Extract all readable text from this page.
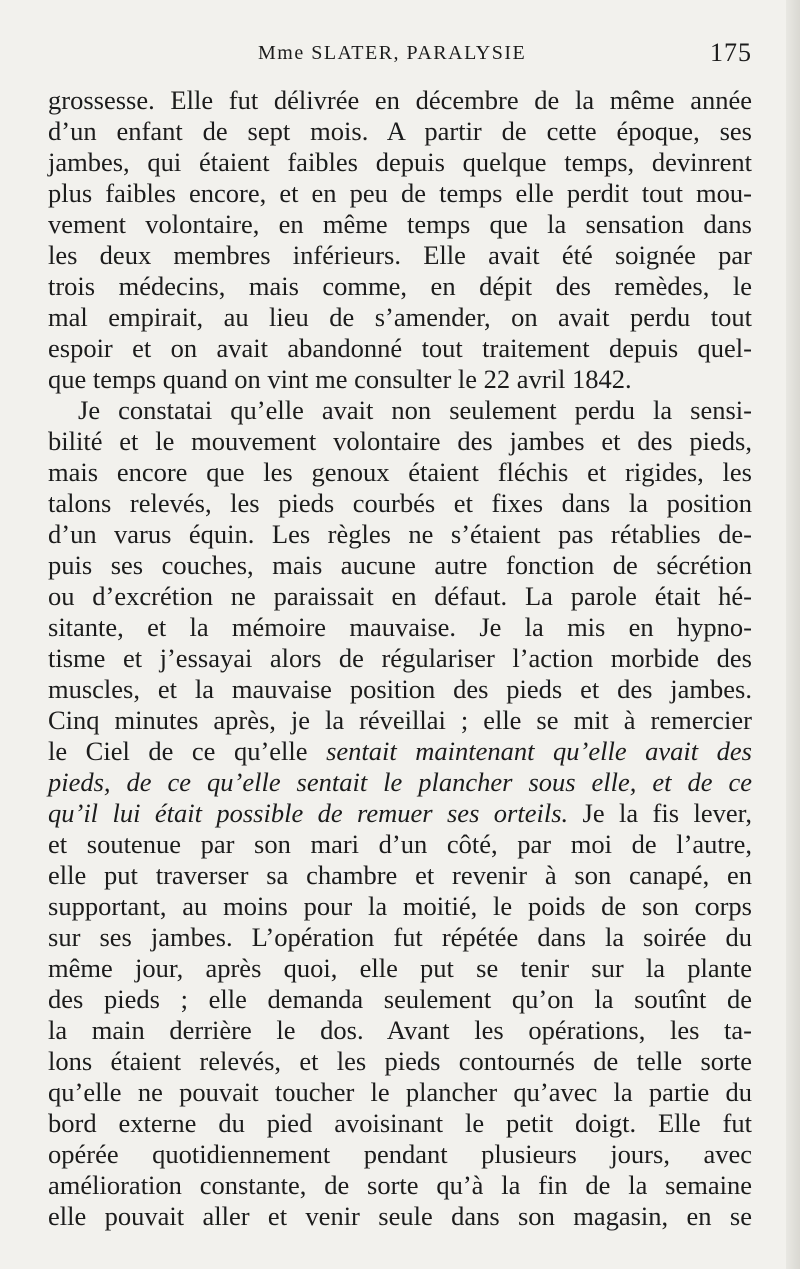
Mme SLATER, PARALYSIE	175
grossesse. Elle fut délivrée en décembre de la même année
d’un enfant de sept mois. A partir de cette époque, ses
jambes, qui étaient faibles depuis quelque temps, devinrent
plus faibles encore, et en peu de temps elle perdit tout mou-
vement volontaire, en même temps que la sensation dans
les deux membres inférieurs. Elle avait été soignée par
trois médecins, mais comme, en dépit des remèdes, le
mal empirait, au lieu de s’amender, on avait perdu tout
espoir et on avait abandonné tout traitement depuis quel-
que temps quand on vint me consulter le 22 avril 1842.
Je constatai qu’elle avait non seulement perdu la sensi-
bilité et le mouvement volontaire des jambes et des pieds,
mais encore que les genoux étaient fléchis et rigides, les
talons relevés, les pieds courbés et fixes dans la position
d’un varus équin. Les règles ne s’étaient pas rétablies de-
puis ses couches, mais aucune autre fonction de sécrétion
ou d’excrétion ne paraissait en défaut. La parole était hé-
sitante, et la mémoire mauvaise. Je la mis en hypno-
tisme et j’essayai alors de régulariser l’action morbide des
muscles, et la mauvaise position des pieds et des jambes.
Cinq minutes après, je la réveillai ; elle se mit à remercier
le Ciel de ce qu’elle sentait maintenant qu’elle avait des
pieds, de ce qu’elle sentait le plancher sous elle, et de ce
qu’il lui était possible de remuer ses orteils. Je la fis lever,
et soutenue par son mari d’un côté, par moi de l’autre,
elle put traverser sa chambre et revenir à son canapé, en
supportant, au moins pour la moitié, le poids de son corps
sur ses jambes. L’opération fut répétée dans la soirée du
même jour, après quoi, elle put se tenir sur la plante
des pieds ; elle demanda seulement qu’on la soutînt de
la main derrière le dos. Avant les opérations, les ta-
lons étaient relevés, et les pieds contournés de telle sorte
qu’elle ne pouvait toucher le plancher qu’avec la partie du
bord externe du pied avoisinant le petit doigt. Elle fut
opérée quotidiennement pendant plusieurs jours, avec
amélioration constante, de sorte qu’à la fin de la semaine
elle pouvait aller et venir seule dans son magasin, en se
